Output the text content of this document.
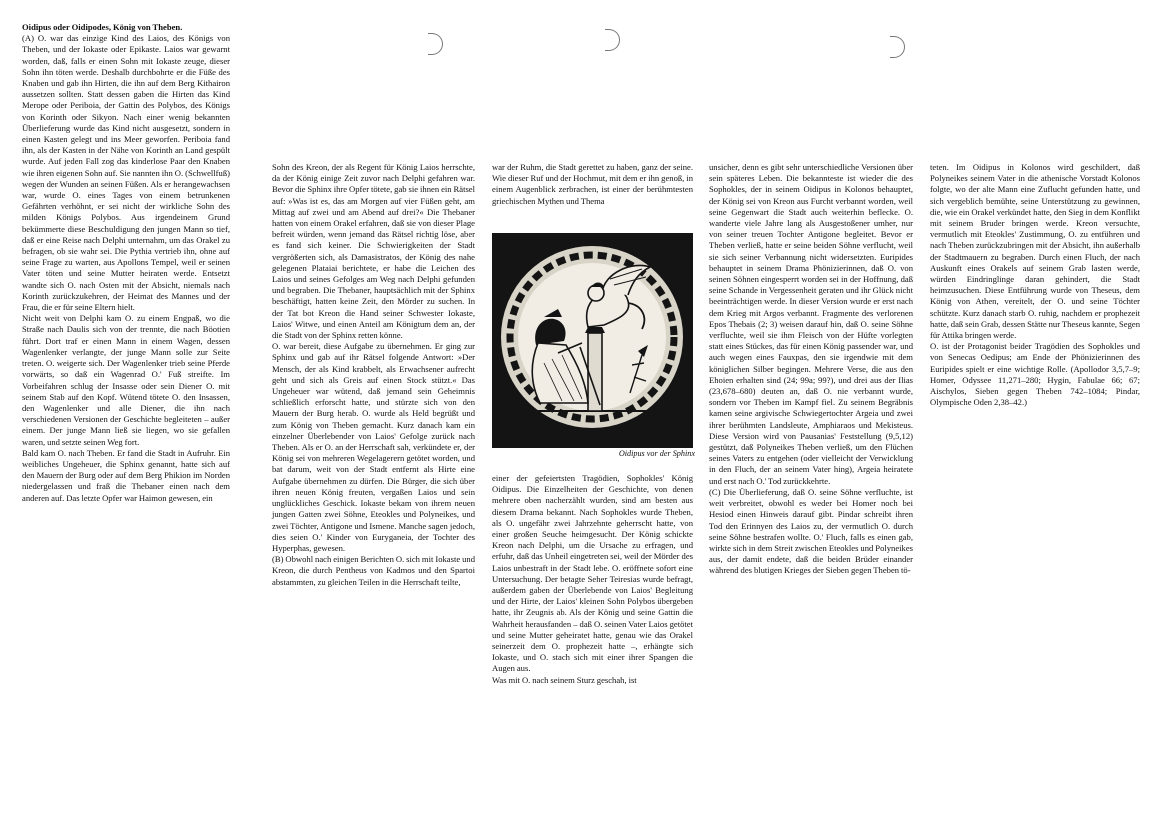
Oidipus oder Oidipodes, König von Theben.

(A) O. war das einzige Kind des Laios, des Königs von Theben, und der Iokaste oder Epikaste. Laios war gewarnt worden, daß, falls er einen Sohn mit Iokaste zeuge, dieser Sohn ihn töten werde. Deshalb durchbohrte er die Füße des Knaben und gab ihn Hirten, die ihn auf dem Berg Kithairon aussetzen sollten. Statt dessen gaben die Hirten das Kind Merope oder Periboia, der Gattin des Polybos, des Königs von Korinth oder Sikyon. Nach einer wenig bekannten Überlieferung wurde das Kind nicht ausgesetzt, sondern in einen Kasten gelegt und ins Meer geworfen. Periboia fand ihn, als der Kasten in der Nähe von Korinth an Land gespült wurde. Auf jeden Fall zog das kinderlose Paar den Knaben wie ihren eigenen Sohn auf. Sie nannten ihn O. (Schwellfuß) wegen der Wunden an seinen Füßen. Als er herangewachsen war, wurde O. eines Tages von einem betrunkenen Gefährten verhöhnt, er sei nicht der wirkliche Sohn des milden Königs Polybos. Aus irgendeinem Grund bekümmerte diese Beschuldigung den jungen Mann so tief, daß er eine Reise nach Delphi unternahm, um das Orakel zu befragen, ob sie wahr sei. Die Pythia vertrieb ihn, ohne auf seine Frage zu warten, aus Apollons Tempel, weil er seinen Vater töten und seine Mutter heiraten werde. Entsetzt wandte sich O. nach Osten mit der Absicht, niemals nach Korinth zurückzukehren, der Heimat des Mannes und der Frau, die er für seine Eltern hielt.

Nicht weit von Delphi kam O. zu einem Engpaß, wo die Straße nach Daulis sich von der trennte, die nach Böotien führt. Dort traf er einen Mann in einem Wagen, dessen Wagenlenker verlangte, der junge Mann solle zur Seite treten. O. weigerte sich. Der Wagenlenker trieb seine Pferde vorwärts, so daß ein Wagenrad O.' Fuß streifte. Im Vorbeifahren schlug der Insasse oder sein Diener O. mit seinem Stab auf den Kopf. Wütend tötete O. den Insassen, den Wagenlenker und alle Diener, die ihn nach verschiedenen Versionen der Geschichte begleiteten – außer einem. Der junge Mann ließ sie liegen, wo sie gefallen waren, und setzte seinen Weg fort.

Bald kam O. nach Theben. Er fand die Stadt in Aufruhr. Ein weibliches Ungeheuer, die Sphinx genannt, hatte sich auf den Mauern der Burg oder auf dem Berg Phikion im Norden niedergelassen und fraß die Thebaner einen nach dem anderen auf. Das letzte Opfer war Haimon gewesen, ein

Sohn des Kreon, der als Regent für König Laios herrschte, da der König einige Zeit zuvor nach Delphi gefahren war. Bevor die Sphinx ihre Opfer tötete, gab sie ihnen ein Rätsel auf: »Was ist es, das am Morgen auf vier Füßen geht, am Mittag auf zwei und am Abend auf drei?« Die Thebaner hatten von einem Orakel erfahren, daß sie von dieser Plage befreit würden, wenn jemand das Rätsel richtig löse, aber es fand sich keiner. Die Schwierigkeiten der Stadt vergrößerten sich, als Damasistratos, der König des nahe gelegenen Plataiai berichtete, er habe die Leichen des Laios und seines Gefolges am Weg nach Delphi gefunden und begraben. Die Thebaner, hauptsächlich mit der Sphinx beschäftigt, hatten keine Zeit, den Mörder zu suchen. In der Tat bot Kreon die Hand seiner Schwester Iokaste, Laios' Witwe, und einen Anteil am Königtum dem an, der die Stadt von der Sphinx retten könne.

O. war bereit, diese Aufgabe zu übernehmen. Er ging zur Sphinx und gab auf ihr Rätsel folgende Antwort: »Der Mensch, der als Kind krabbelt, als Erwachsener aufrecht geht und sich als Greis auf einen Stock stützt.« Das Ungeheuer war wütend, daß jemand sein Geheimnis schließlich erforscht hatte, und stürzte sich von den Mauern der Burg herab. O. wurde als Held begrüßt und zum König von Theben gemacht. Kurz danach kam ein einzelner Überlebender von Laios' Gefolge zurück nach Theben. Als er O. an der Herrschaft sah, verkündete er, der König sei von mehreren Wegelagerern getötet worden, und bat darum, weit von der Stadt entfernt als Hirte eine Aufgabe übernehmen zu dürfen. Die Bürger, die sich über ihren neuen König freuten, vergaßen Laios und sein unglückliches Geschick. Iokaste bekam von ihrem neuen jungen Gatten zwei Söhne, Eteokles und Polyneikes, und zwei Töchter, Antigone und Ismene. Manche sagen jedoch, dies seien O.' Kinder von Euryganeia, der Tochter des Hyperphas, gewesen.

(B) Obwohl nach einigen Berichten O. sich mit Iokaste und Kreon, die durch Pentheus von Kadmos und den Spartoi abstammten, zu gleichen Teilen in die Herrschaft teilte,

war der Ruhm, die Stadt gerettet zu haben, ganz der seine. Wie dieser Ruf und der Hochmut, mit dem er ihn genoß, in einem Augenblick zerbrachen, ist einer der berühmtesten griechischen Mythen und Thema

Oidipus vor der Sphinx

einer der gefeiertsten Tragödien, Sophokles' König Oidipus. Die Einzelheiten der Geschichte, von denen mehrere oben nacherzählt wurden, sind am besten aus diesem Drama bekannt. Nach Sophokles wurde Theben, als O. ungefähr zwei Jahrzehnte geherrscht hatte, von einer großen Seuche heimgesucht. Der König schickte Kreon nach Delphi, um die Ursache zu erfragen, und erfuhr, daß das Unheil eingetreten sei, weil der Mörder des Laios unbestraft in der Stadt lebe. O. eröffnete sofort eine Untersuchung. Der betagte Seher Teiresias wurde befragt, außerdem gaben der Überlebende von Laios' Begleitung und der Hirte, der Laios' kleinen Sohn Polybos übergeben hatte, ihr Zeugnis ab. Als der König und seine Gattin die Wahrheit herausfanden – daß O. seinen Vater Laios getötet und seine Mutter geheiratet hatte, genau wie das Orakel seinerzeit dem O. prophezeit hatte –, erhängte sich Iokaste, und O. stach sich mit einer ihrer Spangen die Augen aus.

Was mit O. nach seinem Sturz geschah, ist

unsicher, denn es gibt sehr unterschiedliche Versionen über sein späteres Leben. Die bekannteste ist wieder die des Sophokles, der in seinem Oidipus in Kolonos behauptet, der König sei von Kreon aus Furcht verbannt worden, weil seine Gegenwart die Stadt auch weiterhin beflecke. O. wanderte viele Jahre lang als Ausgestoßener umher, nur von seiner treuen Tochter Antigone begleitet. Bevor er Theben verließ, hatte er seine beiden Söhne verflucht, weil sie sich seiner Verbannung nicht widersetzten. Euripides behauptet in seinem Drama Phönizierinnen, daß O. von seinen Söhnen eingesperrt worden sei in der Hoffnung, daß seine Schande in Vergessenheit geraten und ihr Glück nicht beeinträchtigen werde. In dieser Version wurde er erst nach dem Krieg mit Argos verbannt. Fragmente des verlorenen Epos Thebais (2; 3) weisen darauf hin, daß O. seine Söhne verfluchte, weil sie ihm Fleisch von der Hüfte vorlegten statt eines Stückes, das für einen König passender war, und auch wegen eines Fauxpas, den sie irgendwie mit dem königlichen Silber begingen. Mehrere Verse, die aus den Ehoien erhalten sind (24; 99a; 99?), und drei aus der Ilias (23,678–680) deuten an, daß O. nie verbannt wurde, sondern vor Theben im Kampf fiel. Zu seinem Begräbnis kamen seine argivische Schwiegertochter Argeia und zwei ihrer berühmten Landsleute, Amphiaraos und Mekisteus. Diese Version wird von Pausanias' Feststellung (9,5,12) gestützt, daß Polyneikes Theben verließ, um den Flüchen seines Vaters zu entgehen (oder vielleicht der Verwicklung in den Fluch, der an seinem Vater hing), Argeia heiratete und erst nach O.' Tod zurückkehrte.

(C) Die Überlieferung, daß O. seine Söhne verfluchte, ist weit verbreitet, obwohl es weder bei Homer noch bei Hesiod einen Hinweis darauf gibt. Pindar schreibt ihren Tod den Erinnyen des Laios zu, der vermutlich O. durch seine Söhne bestrafen wollte. O.' Fluch, falls es einen gab, wirkte sich in dem Streit zwischen Eteokles und Polyneikes aus, der damit endete, daß die beiden Brüder einander während des blutigen Krieges der Sieben gegen Theben tö-

teten. Im Oidipus in Kolonos wird geschildert, daß Polyneikes seinem Vater in die athenische Vorstadt Kolonos folgte, wo der alte Mann eine Zuflucht gefunden hatte, und sich vergeblich bemühte, seine Unterstützung zu gewinnen, die, wie ein Orakel verkündet hatte, den Sieg in dem Konflikt mit seinem Bruder bringen werde. Kreon versuchte, vermutlich mit Eteokles' Zustimmung, O. zu entführen und nach Theben zurückzubringen mit der Absicht, ihn außerhalb der Stadtmauern zu begraben. Durch einen Fluch, der nach Auskunft eines Orakels auf seinem Grab lasten werde, würden Eindringlinge daran gehindert, die Stadt heimzusuchen. Diese Entführung wurde von Theseus, dem König von Athen, vereitelt, der O. und seine Töchter schützte. Kurz danach starb O. ruhig, nachdem er prophezeit hatte, daß sein Grab, dessen Stätte nur Theseus kannte, Segen für Attika bringen werde.

O. ist der Protagonist beider Tragödien des Sophokles und von Senecas Oedipus; am Ende der Phönizierinnen des Euripides spielt er eine wichtige Rolle. (Apollodor 3,5,7–9; Homer, Odyssee 11,271–280; Hygin, Fabulae 66; 67; Aischylos, Sieben gegen Theben 742–1084; Pindar, Olympische Oden 2,38–42.)
